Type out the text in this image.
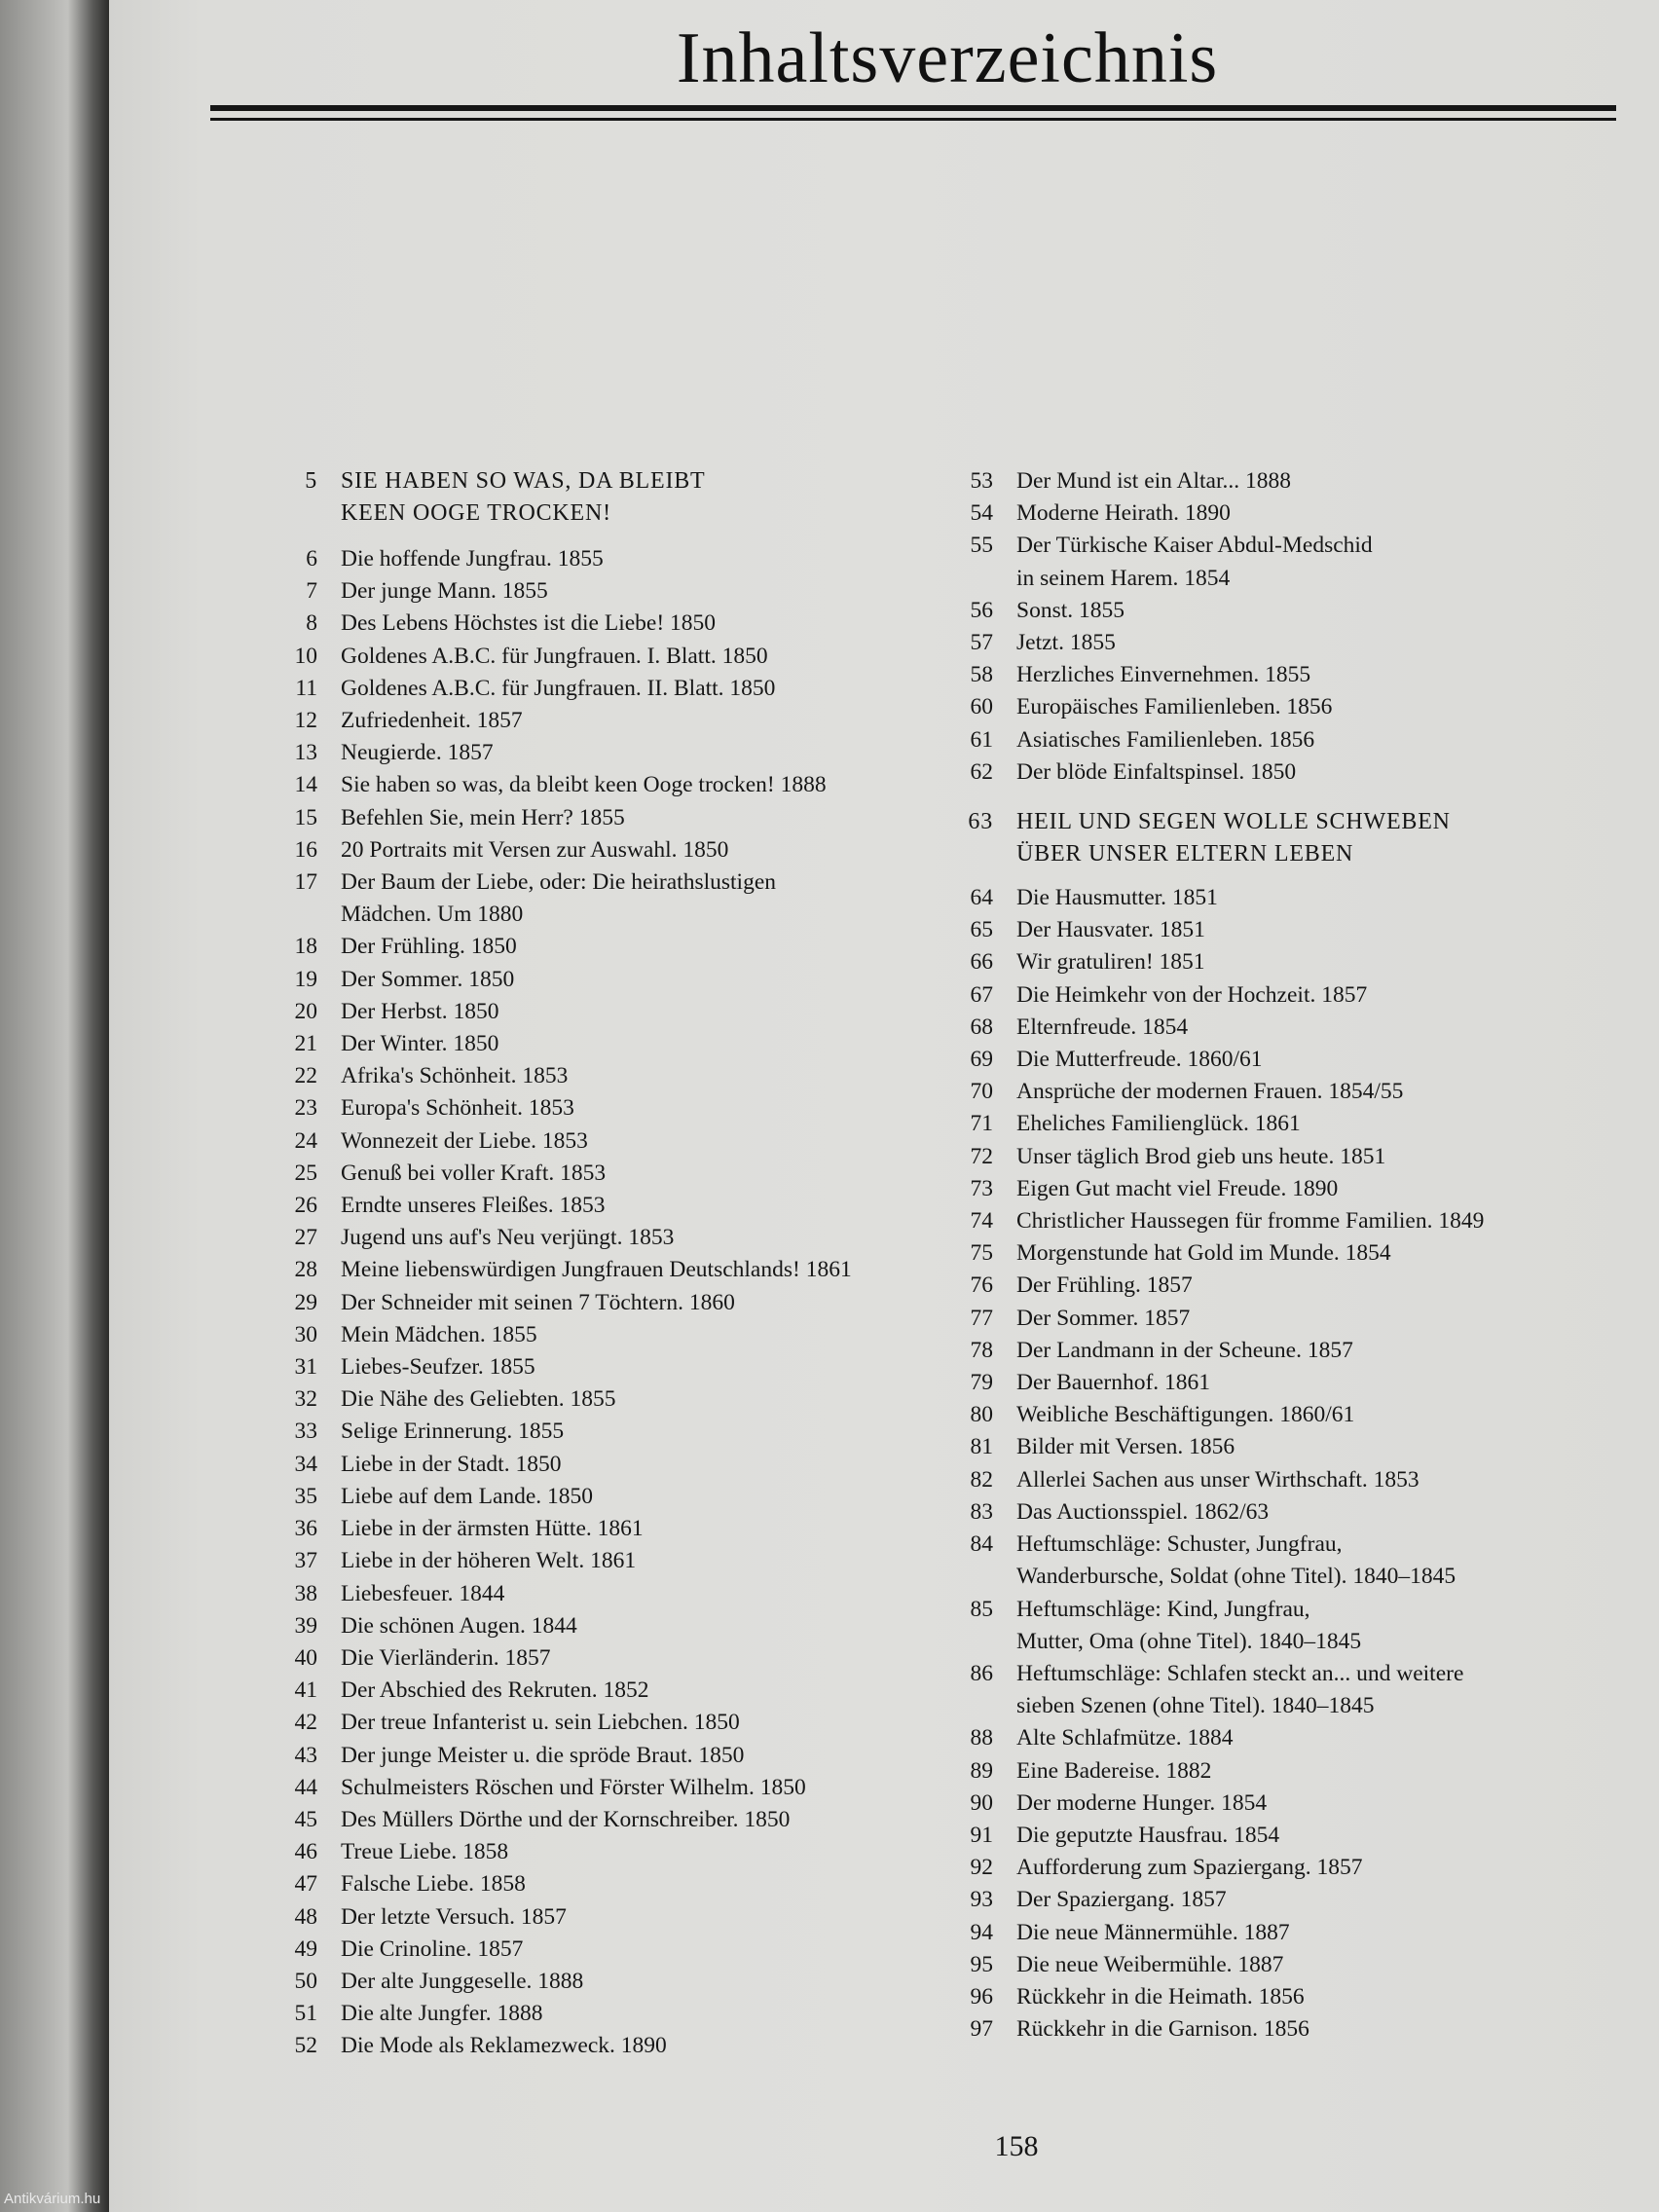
Inhaltsverzeichnis
5	SIE HABEN SO WAS, DA BLEIBT
KEEN OOGE TROCKEN!
6	Die hoffende Jungfrau. 1855
7	Der junge Mann. 1855
8	Des Lebens Höchstes ist die Liebe! 1850
10	Goldenes A.B.C. für Jungfrauen. I. Blatt. 1850
11	Goldenes A.B.C. für Jungfrauen. II. Blatt. 1850
12	Zufriedenheit. 1857
13	Neugierde. 1857
14	Sie haben so was, da bleibt keen Ooge trocken! 1888
15	Befehlen Sie, mein Herr? 1855
16	20 Portraits mit Versen zur Auswahl. 1850
17	Der Baum der Liebe, oder: Die heirathslustigen
Mädchen. Um 1880
18	Der Frühling. 1850
19	Der Sommer. 1850
20	Der Herbst. 1850
21	Der Winter. 1850
22	Afrika's Schönheit. 1853
23	Europa's Schönheit. 1853
24	Wonnezeit der Liebe. 1853
25	Genuß bei voller Kraft. 1853
26	Erndte unseres Fleißes. 1853
27	Jugend uns auf's Neu verjüngt. 1853
28	Meine liebenswürdigen Jungfrauen Deutschlands! 1861
29	Der Schneider mit seinen 7 Töchtern. 1860
30	Mein Mädchen. 1855
31	Liebes-Seufzer. 1855
32	Die Nähe des Geliebten. 1855
33	Selige Erinnerung. 1855
34	Liebe in der Stadt. 1850
35	Liebe auf dem Lande. 1850
36	Liebe in der ärmsten Hütte. 1861
37	Liebe in der höheren Welt. 1861
38	Liebesfeuer. 1844
39	Die schönen Augen. 1844
40	Die Vierländerin. 1857
41	Der Abschied des Rekruten. 1852
42	Der treue Infanterist u. sein Liebchen. 1850
43	Der junge Meister u. die spröde Braut. 1850
44	Schulmeisters Röschen und Förster Wilhelm. 1850
45	Des Müllers Dörthe und der Kornschreiber. 1850
46	Treue Liebe. 1858
47	Falsche Liebe. 1858
48	Der letzte Versuch. 1857
49	Die Crinoline. 1857
50	Der alte Junggeselle. 1888
51	Die alte Jungfer. 1888
52	Die Mode als Reklamezweck. 1890
53	Der Mund ist ein Altar... 1888
54	Moderne Heirath. 1890
55	Der Türkische Kaiser Abdul-Medschid
in seinem Harem. 1854
56	Sonst. 1855
57	Jetzt. 1855
58	Herzliches Einvernehmen. 1855
60	Europäisches Familienleben. 1856
61	Asiatisches Familienleben. 1856
62	Der blöde Einfaltspinsel. 1850
63	HEIL UND SEGEN WOLLE SCHWEBEN
ÜBER UNSER ELTERN LEBEN
64	Die Hausmutter. 1851
65	Der Hausvater. 1851
66	Wir gratuliren! 1851
67	Die Heimkehr von der Hochzeit. 1857
68	Elternfreude. 1854
69	Die Mutterfreude. 1860/61
70	Ansprüche der modernen Frauen. 1854/55
71	Eheliches Familienglück. 1861
72	Unser täglich Brod gieb uns heute. 1851
73	Eigen Gut macht viel Freude. 1890
74	Christlicher Haussegen für fromme Familien. 1849
75	Morgenstunde hat Gold im Munde. 1854
76	Der Frühling. 1857
77	Der Sommer. 1857
78	Der Landmann in der Scheune. 1857
79	Der Bauernhof. 1861
80	Weibliche Beschäftigungen. 1860/61
81	Bilder mit Versen. 1856
82	Allerlei Sachen aus unser Wirthschaft. 1853
83	Das Auctionsspiel. 1862/63
84	Heftumschläge: Schuster, Jungfrau,
Wanderbursche, Soldat (ohne Titel). 1840–1845
85	Heftumschläge: Kind, Jungfrau,
Mutter, Oma (ohne Titel). 1840–1845
86	Heftumschläge: Schlafen steckt an... und weitere
sieben Szenen (ohne Titel). 1840–1845
88	Alte Schlafmütze. 1884
89	Eine Badereise. 1882
90	Der moderne Hunger. 1854
91	Die geputzte Hausfrau. 1854
92	Aufforderung zum Spaziergang. 1857
93	Der Spaziergang. 1857
94	Die neue Männermühle. 1887
95	Die neue Weibermühle. 1887
96	Rückkehr in die Heimath. 1856
97	Rückkehr in die Garnison. 1856
158
Antikvárium.hu
